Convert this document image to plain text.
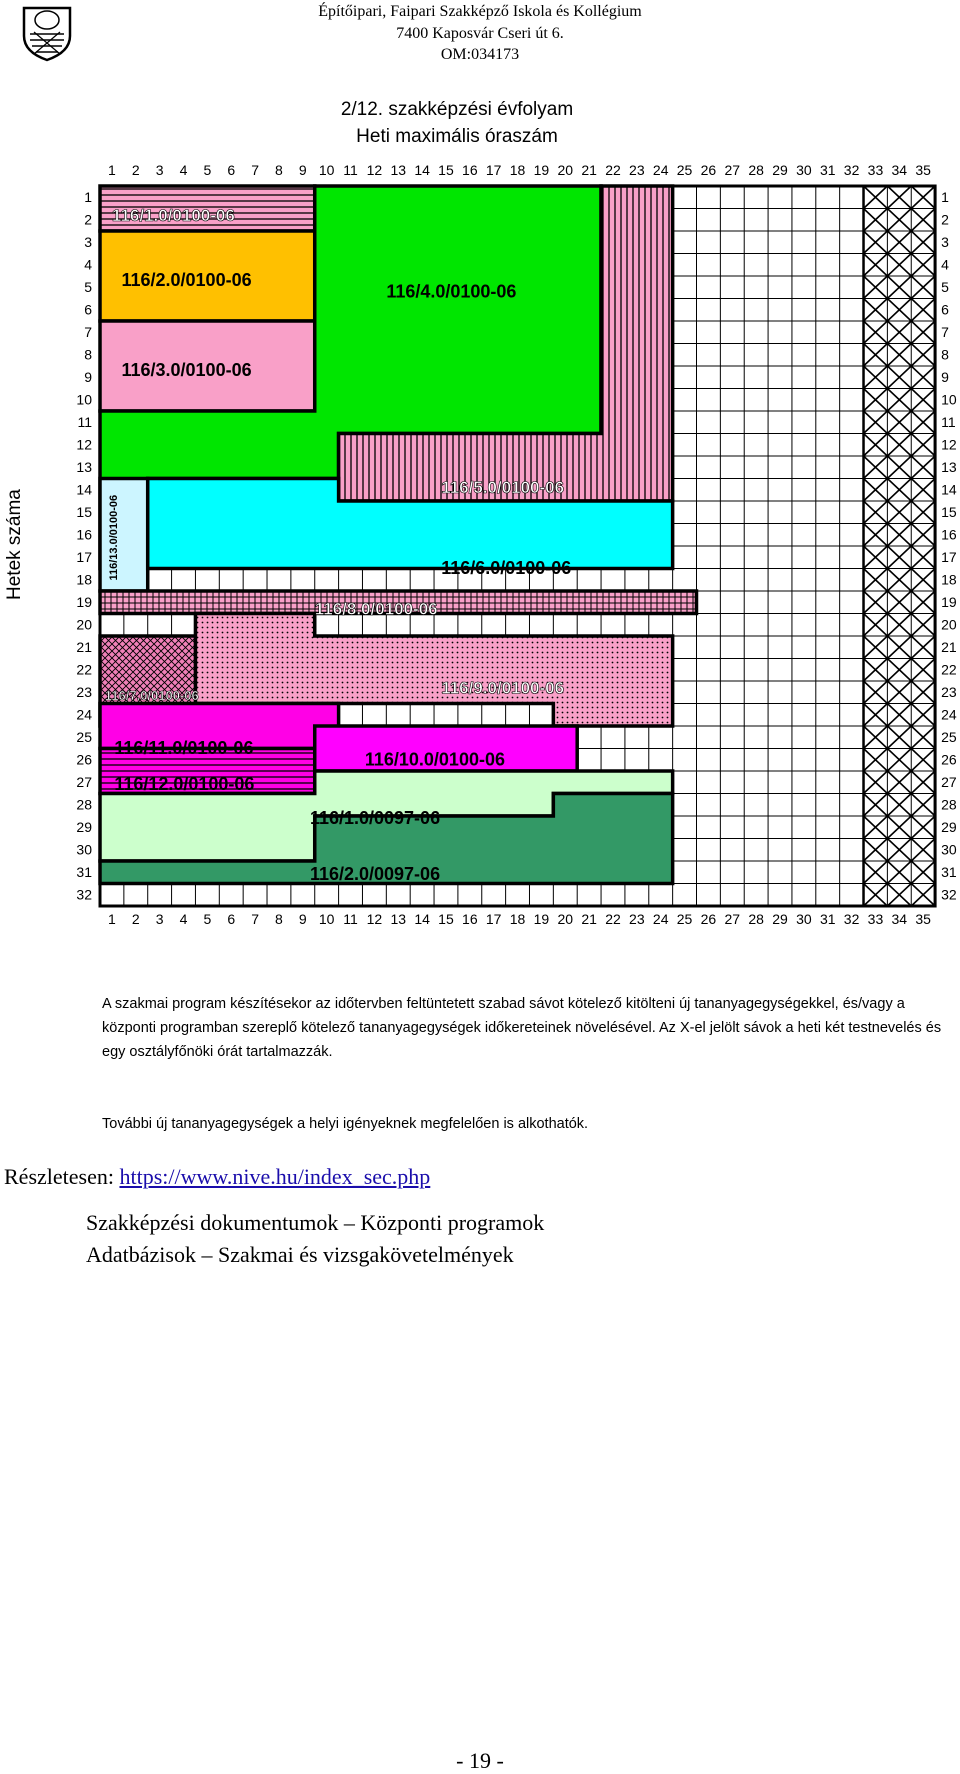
Építőipari, Faipari Szakképző Iskola és Kollégium
7400 Kaposvár Cseri út 6.
OM:034173
2/12. szakképzési évfolyam
Heti maximális óraszám
Hetek száma
1
1
2
2
3
3
4
4
5
5
6
6
7
7
8
8
9
9
10
10
11
11
12
12
13
13
14
14
15
15
16
16
17
17
18
18
19
19
20
20
21
21
22
22
23
23
24
24
25
25
26
26
27
27
28
28
29
29
30
30
31
31
32
32
33
33
34
34
35
35
1	1
2	2
3	3
4	4
5	5
6	6
7	7
8	8
9	9
10	10
11	11
12	12
13	13
14	14
15	15
16	16
17	17
18	18
19	19
20	20
21	21
22	22
23	23
24	24
25	25
26	26
27	27
28	28
29	29
30	30
31	31
32	32
116/1.0/0100-06
116/2.0/0100-06
116/3.0/0100-06
116/4.0/0100-06
116/5.0/0100-06
116/6.0/0100-06
116/8.0/0100-06
116/7.0/0100-06	116/9.0/0100-06
116/11.0/0100-06
116/12.0/0100-06
116/10.0/0100-06
116/1.0/0097-06
116/2.0/0097-06
116/13.0/0100-06
A szakmai program készítésekor az időtervben feltüntetett szabad sávot kötelező kitölteni új tananyagegységekkel, és/vagy a központi programban szereplő kötelező tananyagegységek időkereteinek növelésével. Az X-el jelölt sávok a heti két testnevelés és egy osztályfőnöki órát tartalmazzák.
További új tananyagegységek a helyi igényeknek megfelelően is alkothatók.
Részletesen: https://www.nive.hu/index_sec.php
Szakképzési dokumentumok – Központi programok
Adatbázisok – Szakmai és vizsgakövetelmények
- 19 -
